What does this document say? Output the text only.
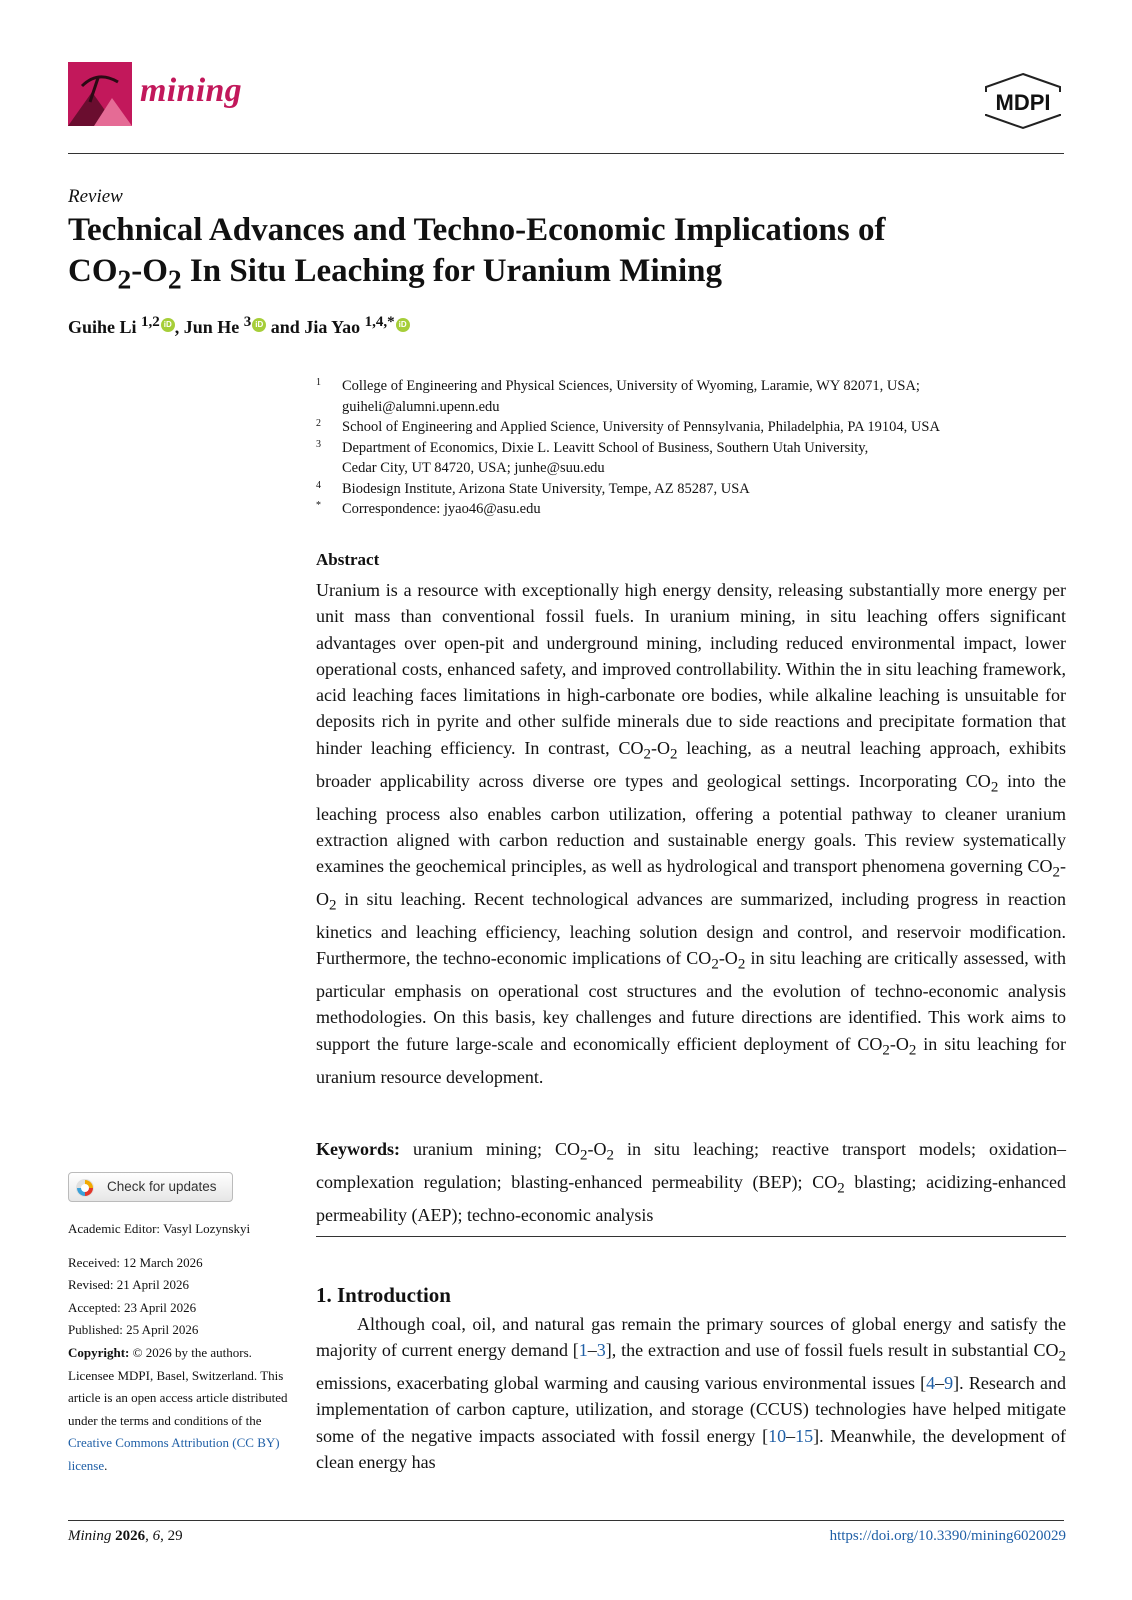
mining	MDPI
Review
Technical Advances and Techno-Economic Implications of
$CO_2-O_2$ In Situ Leaching for Uranium Mining
Guihe Li $^{1,2}$ iD , Jun He $^3$ iD and Jia Yao $^{1,4,*}$ iD
1 College of Engineering and Physical Sciences, University of Wyoming, Laramie, WY 82071, USA;
guiheli@alumni.upenn.edu
2 School of Engineering and Applied Science, University of Pennsylvania, Philadelphia, PA 19104, USA
3 Department of Economics, Dixie L. Leavitt School of Business, Southern Utah University,
Cedar City, UT 84720, USA; junhe@suu.edu
4 Biodesign Institute, Arizona State University, Tempe, AZ 85287, USA
* Correspondence: jyao46@asu.edu
Abstract

Uranium is a resource with exceptionally high energy density, releasing substantially more energy per unit mass than conventional fossil fuels. In uranium mining, in situ leaching offers significant advantages over open-pit and underground mining, including reduced environmental impact, lower operational costs, enhanced safety, and improved controllability. Within the in situ leaching framework, acid leaching faces limitations in high-carbonate ore bodies, while alkaline leaching is unsuitable for deposits rich in pyrite and other sulfide minerals due to side reactions and precipitate formation that hinder leaching efficiency. In contrast, $CO_2-O_2$ leaching, as a neutral leaching approach, exhibits broader applicability across diverse ore types and geological settings. Incorporating $CO_2$ into the leaching process also enables carbon utilization, offering a potential pathway to cleaner uranium extraction aligned with carbon reduction and sustainable energy goals. This review systematically examines the geochemical principles, as well as hydrological and transport phenomena governing $CO_2-O_2$ in situ leaching. Recent technological advances are summarized, including progress in reaction kinetics and leaching efficiency, leaching solution design and control, and reservoir modification. Furthermore, the techno-economic implications of $CO_2-O_2$ in situ leaching are critically assessed, with particular emphasis on operational cost structures and the evolution of techno-economic analysis methodologies. On this basis, key challenges and future directions are identified. This work aims to support the future large-scale and economically efficient deployment of $CO_2-O_2$ in situ leaching for uranium resource development.

Keywords: uranium mining; $CO_2-O_2$ in situ leaching; reactive transport models; oxidation–complexation regulation; blasting-enhanced permeability (BEP); $CO_2$ blasting; acidizing-enhanced permeability (AEP); techno-economic analysis

1. Introduction

Although coal, oil, and natural gas remain the primary sources of global energy and satisfy the majority of current energy demand [1–3], the extraction and use of fossil fuels result in substantial $CO_2$ emissions, exacerbating global warming and causing various environmental issues [4–9]. Research and implementation of carbon capture, utilization, and storage (CCUS) technologies have helped mitigate some of the negative impacts associated with fossil energy [10–15]. Meanwhile, the development of clean energy has

Check for updates
Academic Editor: Vasyl Lozynskyi
Received: 12 March 2026
Revised: 21 April 2026
Accepted: 23 April 2026
Published: 25 April 2026
Copyright: © 2026 by the authors. Licensee MDPI, Basel, Switzerland. This article is an open access article distributed under the terms and conditions of the Creative Commons Attribution (CC BY) license.
Mining 2026, 6, 29	https://doi.org/10.3390/mining6020029
